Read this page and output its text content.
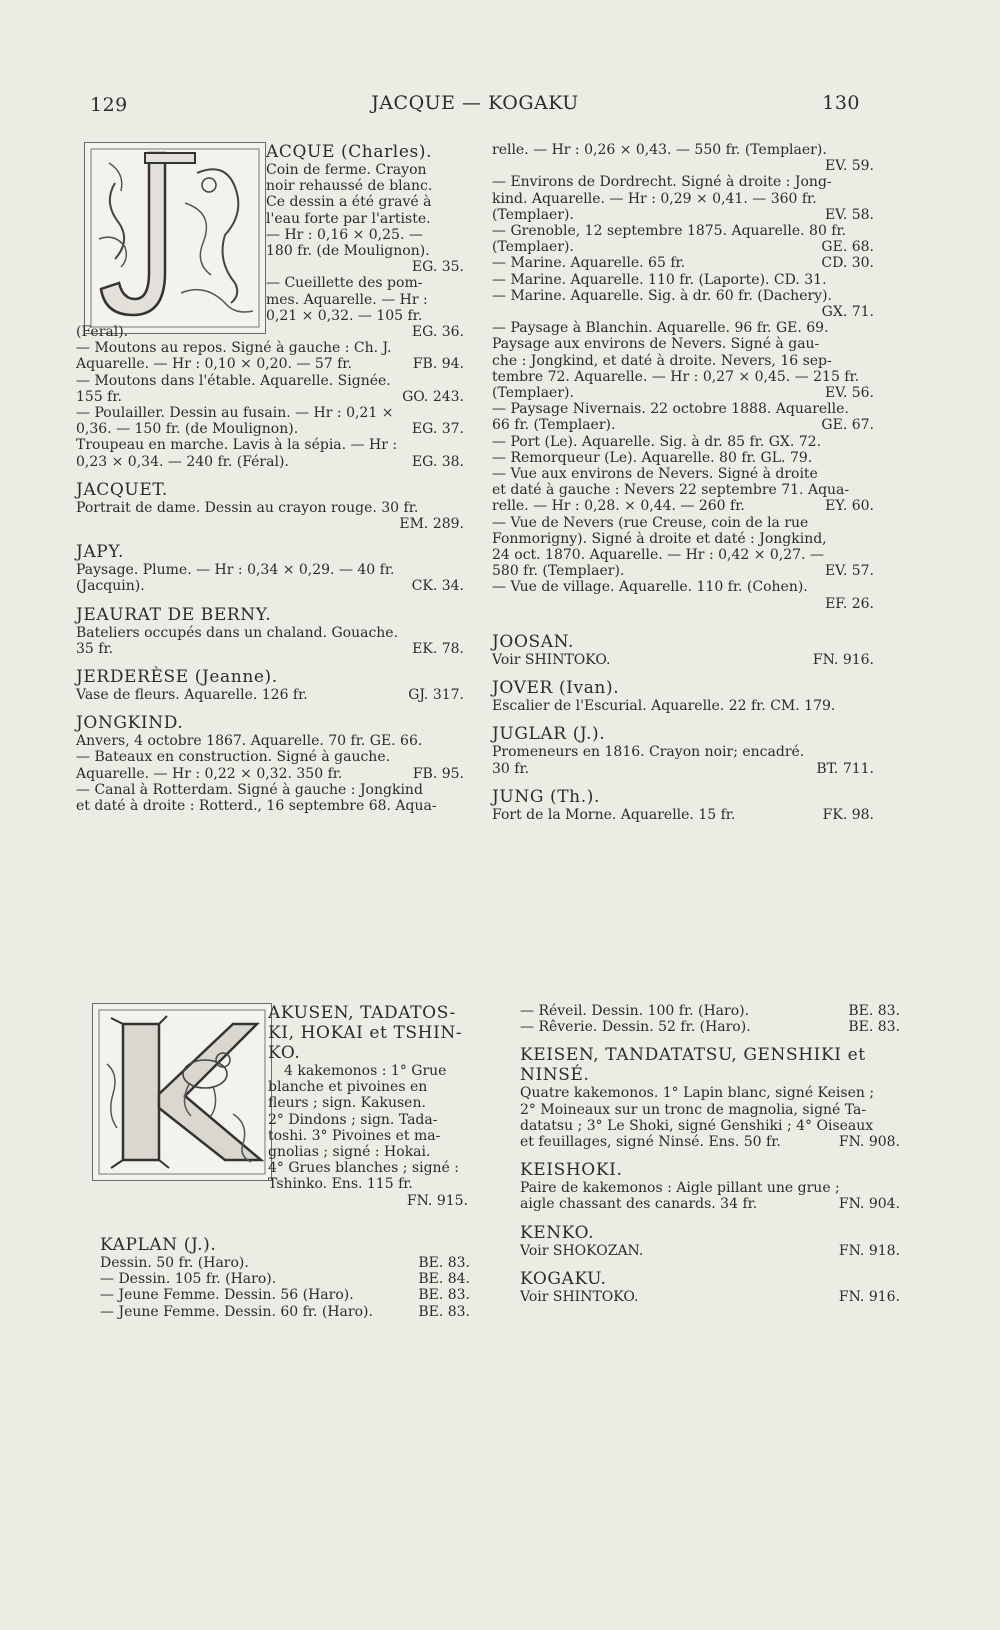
129	JACQUE — KOGAKU	130
ACQUE (Charles).
Coin de ferme. Crayon
noir rehaussé de blanc.
Ce dessin a été gravé à
l'eau forte par l'artiste.
— Hr : 0,16 × 0,25. —
180 fr. (de Moulignon).
EG. 35.
— Cueillette des pom-
mes. Aquarelle. — Hr :
0,21 × 0,32. — 105 fr.
(Feral).	EG. 36.
— Moutons au repos. Signé à gauche : Ch. J.
Aquarelle. — Hr : 0,10 × 0,20. — 57 fr.	FB. 94.
— Moutons dans l'étable. Aquarelle. Signée.
155 fr.	GO. 243.
— Poulailler. Dessin au fusain. — Hr : 0,21 ×
0,36. — 150 fr. (de Moulignon).	EG. 37.
Troupeau en marche. Lavis à la sépia. — Hr :
0,23 × 0,34. — 240 fr. (Féral).	EG. 38.
JACQUET.
Portrait de dame. Dessin au crayon rouge. 30 fr.
EM. 289.
JAPY.
Paysage. Plume. — Hr : 0,34 × 0,29. — 40 fr.
(Jacquin).	CK. 34.
JEAURAT DE BERNY.
Bateliers occupés dans un chaland. Gouache.
35 fr.	EK. 78.
JERDERÈSE (Jeanne).
Vase de fleurs. Aquarelle. 126 fr.	GJ. 317.
JONGKIND.
Anvers, 4 octobre 1867. Aquarelle. 70 fr. GE. 66.
— Bateaux en construction. Signé à gauche.
Aquarelle. — Hr : 0,22 × 0,32. 350 fr.	FB. 95.
— Canal à Rotterdam. Signé à gauche : Jongkind
et daté à droite : Rotterd., 16 septembre 68. Aqua-
relle. — Hr : 0,26 × 0,43. — 550 fr. (Templaer).
EV. 59.
— Environs de Dordrecht. Signé à droite : Jong-
kind. Aquarelle. — Hr : 0,29 × 0,41. — 360 fr.
(Templaer).	EV. 58.
— Grenoble, 12 septembre 1875. Aquarelle. 80 fr.
(Templaer).	GE. 68.
— Marine. Aquarelle. 65 fr.	CD. 30.
— Marine. Aquarelle. 110 fr. (Laporte). CD. 31.
— Marine. Aquarelle. Sig. à dr. 60 fr. (Dachery).
GX. 71.
— Paysage à Blanchin. Aquarelle. 96 fr. GE. 69.
Paysage aux environs de Nevers. Signé à gau-
che : Jongkind, et daté à droite. Nevers, 16 sep-
tembre 72. Aquarelle. — Hr : 0,27 × 0,45. — 215 fr.
(Templaer).	EV. 56.
— Paysage Nivernais. 22 octobre 1888. Aquarelle.
66 fr. (Templaer).	GE. 67.
— Port (Le). Aquarelle. Sig. à dr. 85 fr. GX. 72.
— Remorqueur (Le). Aquarelle. 80 fr. GL. 79.
— Vue aux environs de Nevers. Signé à droite
et daté à gauche : Nevers 22 septembre 71. Aqua-
relle. — Hr : 0,28. × 0,44. — 260 fr.	EY. 60.
— Vue de Nevers (rue Creuse, coin de la rue
Fonmorigny). Signé à droite et daté : Jongkind,
24 oct. 1870. Aquarelle. — Hr : 0,42 × 0,27. —
580 fr. (Templaer).	EV. 57.
— Vue de village. Aquarelle. 110 fr. (Cohen).
EF. 26.
JOOSAN.
Voir SHINTOKO.	FN. 916.
JOVER (Ivan).
Escalier de l'Escurial. Aquarelle. 22 fr. CM. 179.
JUGLAR (J.).
Promeneurs en 1816. Crayon noir; encadré.
30 fr.	BT. 711.
JUNG (Th.).
Fort de la Morne. Aquarelle. 15 fr.	FK. 98.
AKUSEN, TADATOS-
KI, HOKAI et TSHIN-
KO.
4 kakemonos : 1° Grue
blanche et pivoines en
fleurs ; sign. Kakusen.
2° Dindons ; sign. Tada-
toshi. 3° Pivoines et ma-
gnolias ; signé : Hokai.
4° Grues blanches ; signé :
Tshinko. Ens. 115 fr.
FN. 915.
KAPLAN (J.).
Dessin. 50 fr. (Haro).	BE. 83.
— Dessin. 105 fr. (Haro).	BE. 84.
— Jeune Femme. Dessin. 56 (Haro).	BE. 83.
— Jeune Femme. Dessin. 60 fr. (Haro).	BE. 83.
— Réveil. Dessin. 100 fr. (Haro).	BE. 83.
— Rêverie. Dessin. 52 fr. (Haro).	BE. 83.
KEISEN, TANDATATSU, GENSHIKI et NINSÉ.
Quatre kakemonos. 1° Lapin blanc, signé Keisen ;
2° Moineaux sur un tronc de magnolia, signé Ta-
datatsu ; 3° Le Shoki, signé Genshiki ; 4° Oiseaux
et feuillages, signé Ninsé. Ens. 50 fr.	FN. 908.
KEISHOKI.
Paire de kakemonos : Aigle pillant une grue ;
aigle chassant des canards. 34 fr.	FN. 904.
KENKO.
Voir SHOKOZAN.	FN. 918.
KOGAKU.
Voir SHINTOKO.	FN. 916.
